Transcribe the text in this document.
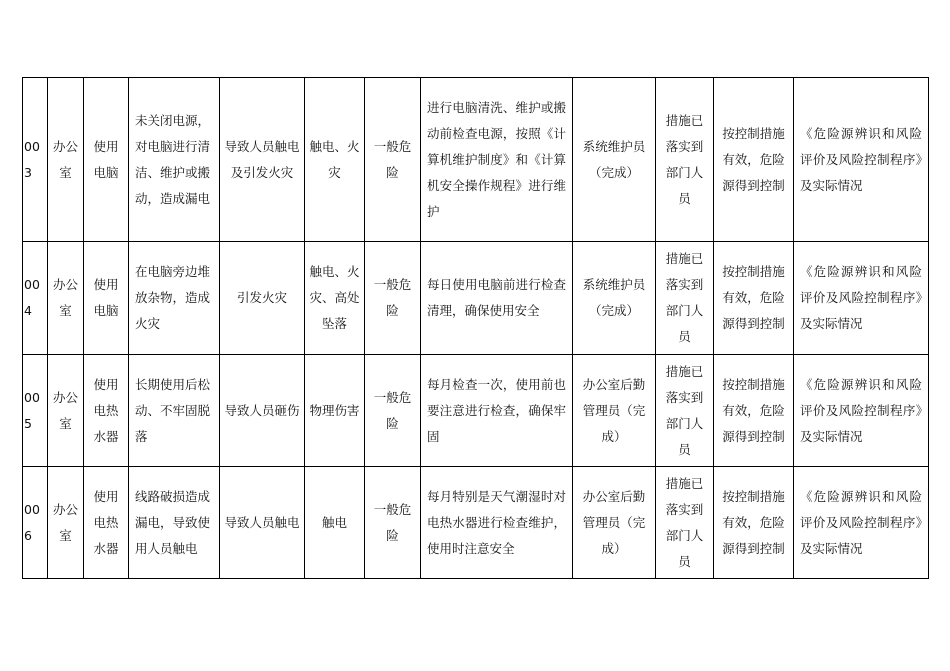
003	办公室	使用电脑	未关闭电源，对电脑进行清洁、维护或搬动，造成漏电	导致人员触电及引发火灾	触电、火灾	一般危险	进行电脑清洗、维护或搬动前检查电源，按照《计算机维护制度》和《计算机安全操作规程》进行维护	系统维护员（完成）	措施已落实到部门人员	按控制措施有效，危险源得到控制	《危险源辨识和风险评价及风险控制程序》及实际情况
004	办公室	使用电脑	在电脑旁边堆放杂物，造成火灾	引发火灾	触电、火灾、高处坠落	一般危险	每日使用电脑前进行检查清理，确保使用安全	系统维护员（完成）	措施已落实到部门人员	按控制措施有效，危险源得到控制	《危险源辨识和风险评价及风险控制程序》及实际情况
005	办公室	使用电热水器	长期使用后松动、不牢固脱落	导致人员砸伤	物理伤害	一般危险	每月检查一次，使用前也要注意进行检查，确保牢固	办公室后勤管理员（完成）	措施已落实到部门人员	按控制措施有效，危险源得到控制	《危险源辨识和风险评价及风险控制程序》及实际情况
006	办公室	使用电热水器	线路破损造成漏电，导致使用人员触电	导致人员触电	触电	一般危险	每月特别是天气潮湿时对电热水器进行检查维护，使用时注意安全	办公室后勤管理员（完成）	措施已落实到部门人员	按控制措施有效，危险源得到控制	《危险源辨识和风险评价及风险控制程序》及实际情况
